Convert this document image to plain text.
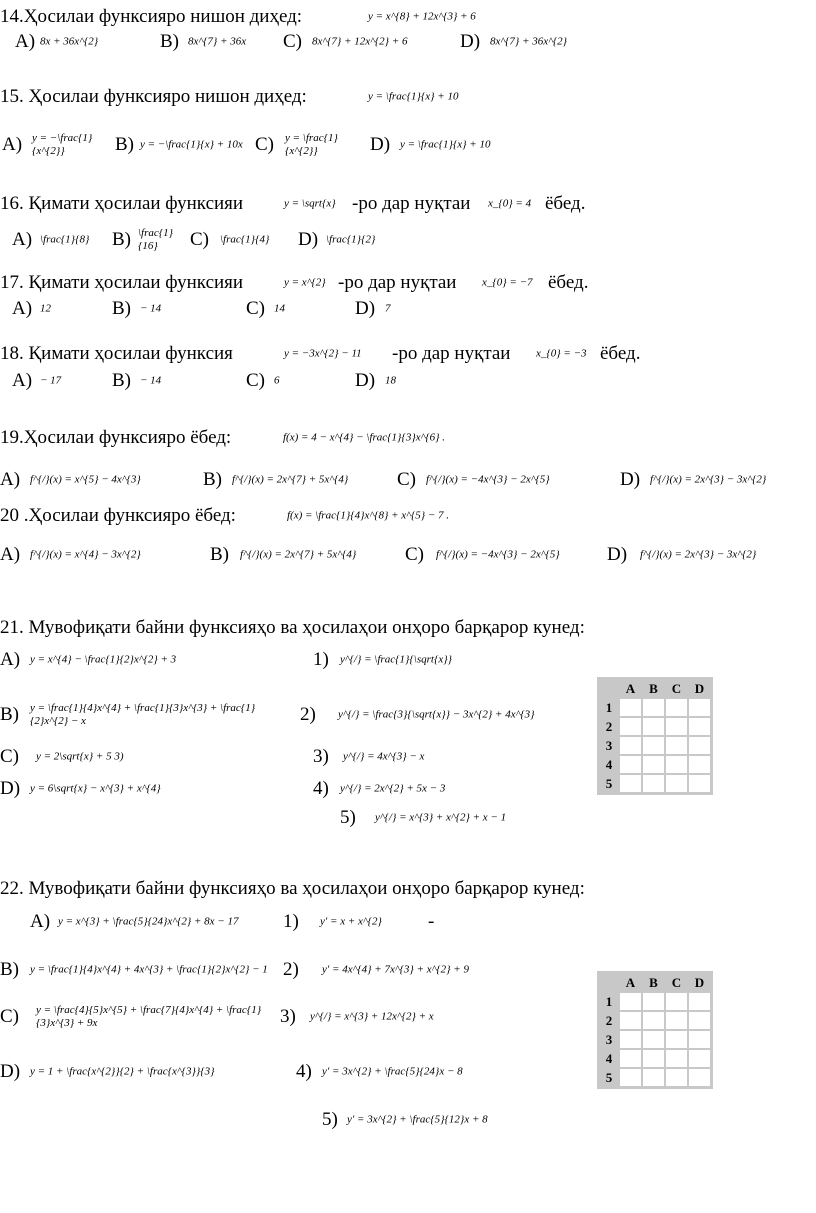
14.Ҳосилаи функсияро нишон диҳед:	y = x^{8} + 12x^{3} + 6
A) 8x + 36x^{2}	B) 8x^{7} + 36x	C) 8x^{7} + 12x^{2} + 6	D) 8x^{7} + 36x^{2}
15. Ҳосилаи функсияро нишон диҳед:	y = \frac{1}{x} + 10
A) y = −\frac{1}{x^{2}}	B) y = −\frac{1}{x} + 10x C) y = \frac{1}{x^{2}}	D) y = \frac{1}{x} + 10
16. Қимати ҳосилаи функсияи	y = \sqrt{x} -ро дар нуқтаи x_{0} = 4 ёбед.
A) \frac{1}{8}	B) \frac{1}{16}	C) \frac{1}{4}	D) \frac{1}{2}
17. Қимати ҳосилаи функсияи	y = x^{2} -ро дар нуқтаи x_{0} = −7 ёбед.
A) 12	B) − 14	C) 14	D) 7
18. Қимати ҳосилаи функсия	y = −3x^{2} − 11	-ро дар нуқтаи x_{0} = −3 ёбед.
A) − 17	B) − 14	C) 6	D) 18
19.Ҳосилаи функсияро ёбед:	f(x) = 4 − x^{4} − \frac{1}{3}x^{6} .
A) f^{/}(x) = x^{5} − 4x^{3}	B) f^{/}(x) = 2x^{7} + 5x^{4}	C) f^{/}(x) = −4x^{3} − 2x^{5}	D) f^{/}(x) = 2x^{3} − 3x^{2}
20 .Ҳосилаи функсияро ёбед:	f(x) = \frac{1}{4}x^{8} + x^{5} − 7 .
A) f^{/}(x) = x^{4} − 3x^{2}	B) f^{/}(x) = 2x^{7} + 5x^{4}	C) f^{/}(x) = −4x^{3} − 2x^{5}	D) f^{/}(x) = 2x^{3} − 3x^{2}
21. Мувофиқати байни функсияҳо ва ҳосилаҳои онҳоро барқарор кунед:
A) y = x^{4} − \frac{1}{2}x^{2} + 3
B) y = \frac{1}{4}x^{4} + \frac{1}{3}x^{3} + \frac{1}{2}x^{2} − x
C) y = 2\sqrt{x} + 5 3)
D) y = 6\sqrt{x} − x^{3} + x^{4}
1) y^{/} = \frac{1}{\sqrt{x}}
2) y^{/} = \frac{3}{\sqrt{x}} − 3x^{2} + 4x^{3}
3) y^{/} = 4x^{3} − x
4) y^{/} = 2x^{2} + 5x − 3
5) y^{/} = x^{3} + x^{2} + x − 1
A	B	C	D
1
2
3
4
5
22. Мувофиқати байни функсияҳо ва ҳосилаҳои онҳоро барқарор кунед:
A) y = x^{3} + \frac{5}{24}x^{2} + 8x − 17
B) y = \frac{1}{4}x^{4} + 4x^{3} + \frac{1}{2}x^{2} − 1
C) y = \frac{4}{5}x^{5} + \frac{7}{4}x^{4} + \frac{1}{3}x^{3} + 9x
D) y = 1 + \frac{x^{2}}{2} + \frac{x^{3}}{3}
1) y′ = x + x^{2}	-
2) y′ = 4x^{4} + 7x^{3} + x^{2} + 9
3) y^{/} = x^{3} + 12x^{2} + x
4) y′ = 3x^{2} + \frac{5}{24}x − 8
5) y′ = 3x^{2} + \frac{5}{12}x + 8
A	B	C	D
1
2
3
4
5
